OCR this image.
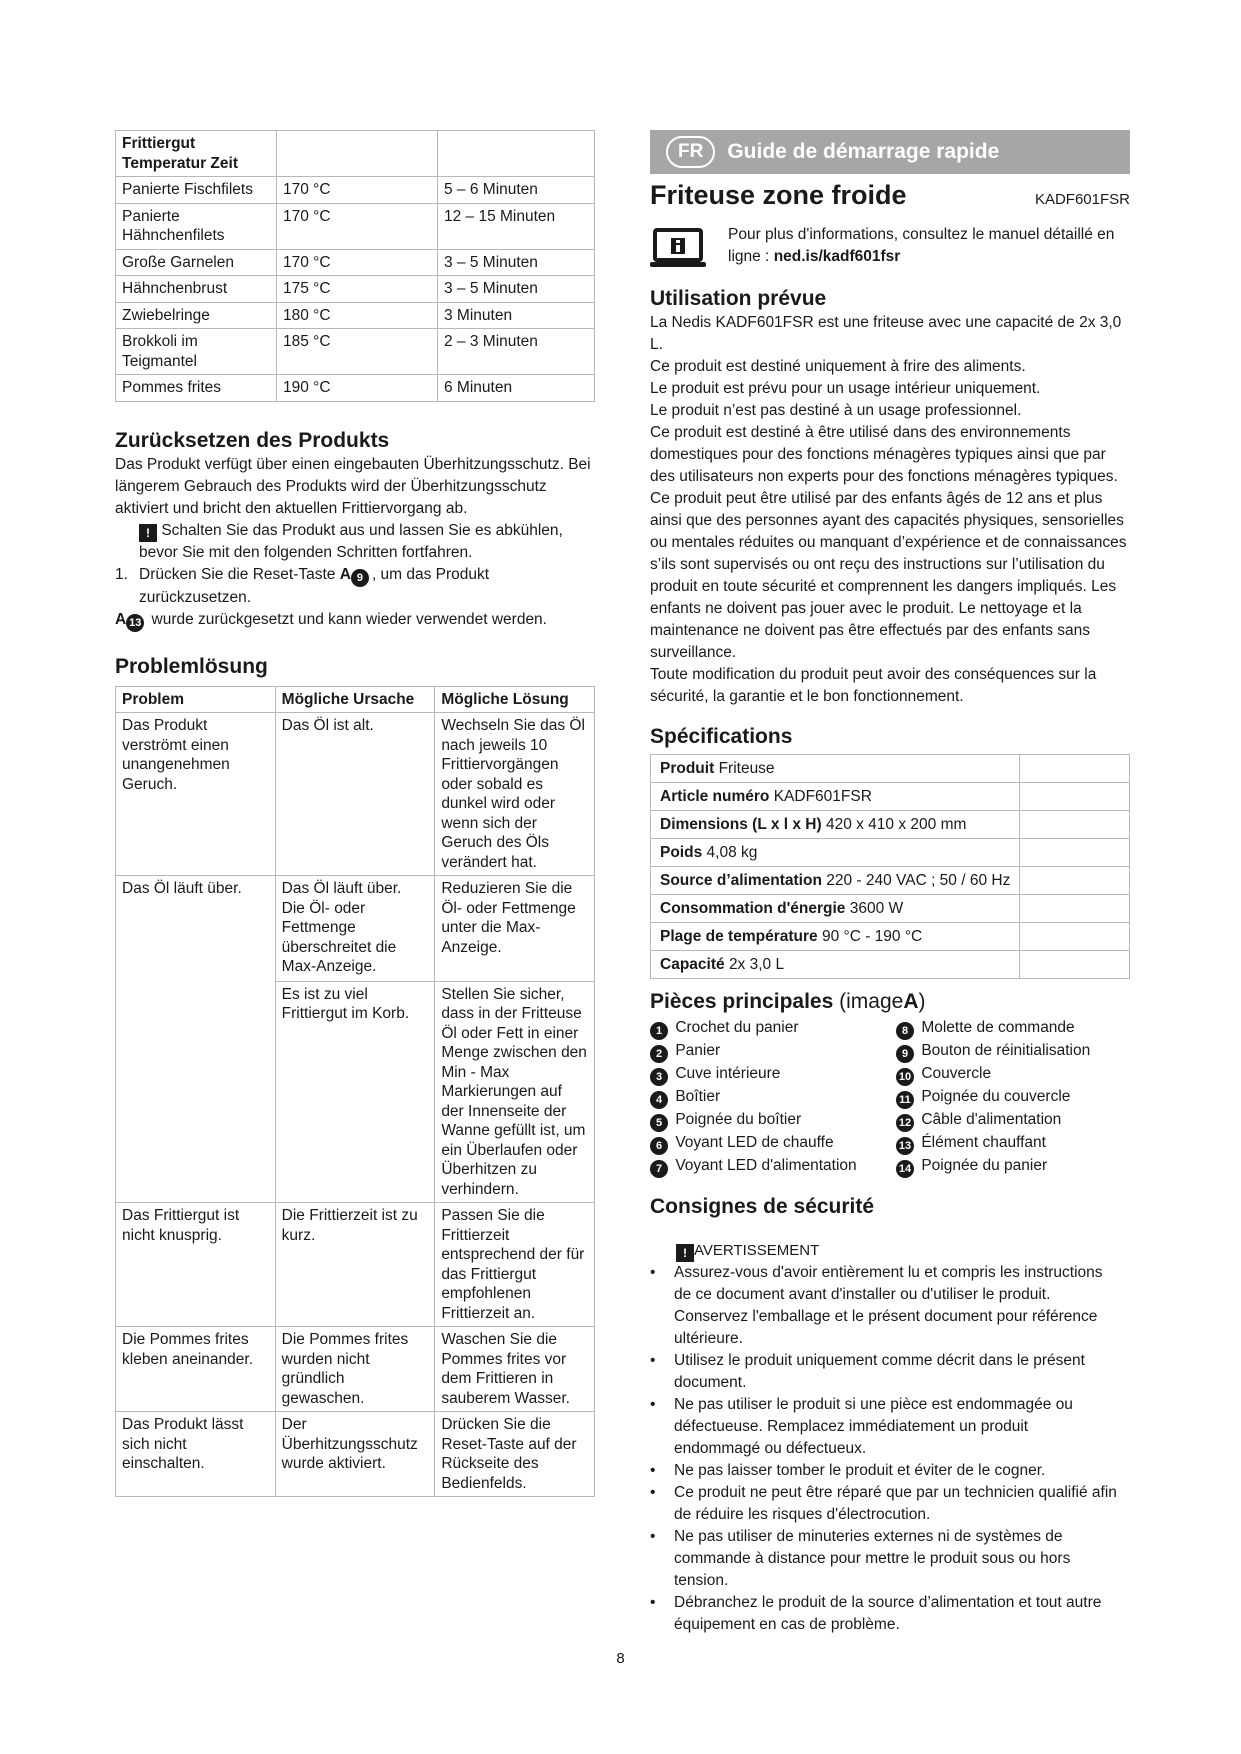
Frittiergut Temperatur Zeit		
Panierte Fischfilets	170 °C	5 – 6 Minuten
Panierte Hähnchenfilets	170 °C	12 – 15 Minuten
Große Garnelen	170 °C	3 – 5 Minuten
Hähnchenbrust	175 °C	3 – 5 Minuten
Zwiebelringe	180 °C	3 Minuten
Brokkoli im Teigmantel	185 °C	2 – 3 Minuten
Pommes frites	190 °C	6 Minuten
Zurücksetzen des Produkts

Das Produkt verfügt über einen eingebauten Überhitzungsschutz. Bei längerem Gebrauch des Produkts wird der Überhitzungsschutz aktiviert und bricht den aktuellen Frittiervorgang ab.

! Schalten Sie das Produkt aus und lassen Sie es abkühlen, bevor Sie mit den folgenden Schritten fortfahren.

1. Drücken Sie die Reset-Taste A 9 , um das Produkt zurückzusetzen.

A 13 wurde zurückgesetzt und kann wieder verwendet werden.

Problemlösung
Problem	Mögliche Ursache	Mögliche Lösung
Das Produkt verströmt einen unangenehmen Geruch.	Das Öl ist alt.	Wechseln Sie das Öl nach jeweils 10 Frittiervorgängen oder sobald es dunkel wird oder wenn sich der Geruch des Öls verändert hat.
Das Öl läuft über.	Das Öl läuft über. Die Öl- oder Fettmenge überschreitet die Max-Anzeige.	Reduzieren Sie die Öl- oder Fettmenge unter die Max-Anzeige.
	Es ist zu viel Frittiergut im Korb.	Stellen Sie sicher, dass in der Fritteuse Öl oder Fett in einer Menge zwischen den Min - Max Markierungen auf der Innenseite der Wanne gefüllt ist, um ein Überlaufen oder Überhitzen zu verhindern.
Das Frittiergut ist nicht knusprig.	Die Frittierzeit ist zu kurz.	Passen Sie die Frittierzeit entsprechend der für das Frittiergut empfohlenen Frittierzeit an.
Die Pommes frites kleben aneinander.	Die Pommes frites wurden nicht gründlich gewaschen.	Waschen Sie die Pommes frites vor dem Frittieren in sauberem Wasser.
Das Produkt lässt sich nicht einschalten.	Der Überhitzungsschutz wurde aktiviert.	Drücken Sie die Reset-Taste auf der Rückseite des Bedienfelds.
FR	Guide de démarrage rapide
Friteuse zone froide	KADF601FSR
Pour plus d'informations, consultez le manuel détaillé en
ligne : ned.is/kadf601fsr
Utilisation prévue

La Nedis KADF601FSR est une friteuse avec une capacité de 2x 3,0 L.

Ce produit est destiné uniquement à frire des aliments.

Le produit est prévu pour un usage intérieur uniquement.

Le produit n’est pas destiné à un usage professionnel.

Ce produit est destiné à être utilisé dans des environnements domestiques pour des fonctions ménagères typiques ainsi que par des utilisateurs non experts pour des fonctions ménagères typiques.

Ce produit peut être utilisé par des enfants âgés de 12 ans et plus ainsi que des personnes ayant des capacités physiques, sensorielles ou mentales réduites ou manquant d’expérience et de connaissances s’ils sont supervisés ou ont reçu des instructions sur l’utilisation du produit en toute sécurité et comprennent les dangers impliqués. Les enfants ne doivent pas jouer avec le produit. Le nettoyage et la maintenance ne doivent pas être effectués par des enfants sans surveillance.

Toute modification du produit peut avoir des conséquences sur la sécurité, la garantie et le bon fonctionnement.

Spécifications
Produit Friteuse	
Article numéro KADF601FSR	
Dimensions (L x l x H) 420 x 410 x 200 mm	
Poids 4,08 kg	
Source d’alimentation 220 - 240 VAC ; 50 / 60 Hz	
Consommation d'énergie 3600 W	
Plage de température 90 °C - 190 °C	
Capacité 2x 3,0 L	
Pièces principales (imageA)
1 Crochet du panier
2 Panier
3 Cuve intérieure
4 Boîtier
5 Poignée du boîtier
6 Voyant LED de chauffe
7 Voyant LED d'alimentation
8 Molette de commande
9 Bouton de réinitialisation
10 Couvercle
11 Poignée du couvercle
12 Câble d'alimentation
13 Élément chauffant
14 Poignée du panier
Consignes de sécurité

! AVERTISSEMENT

• Assurez-vous d'avoir entièrement lu et compris les instructions
de ce document avant d'installer ou d'utiliser le produit.
Conservez l'emballage et le présent document pour référence
ultérieure.
• Utilisez le produit uniquement comme décrit dans le présent
document.
• Ne pas utiliser le produit si une pièce est endommagée ou
défectueuse. Remplacez immédiatement un produit
endommagé ou défectueux.
• Ne pas laisser tomber le produit et éviter de le cogner.
• Ce produit ne peut être réparé que par un technicien qualifié afin
de réduire les risques d'électrocution.
• Ne pas utiliser de minuteries externes ni de systèmes de
commande à distance pour mettre le produit sous ou hors
tension.
• Débranchez le produit de la source d’alimentation et tout autre
équipement en cas de problème.
8
